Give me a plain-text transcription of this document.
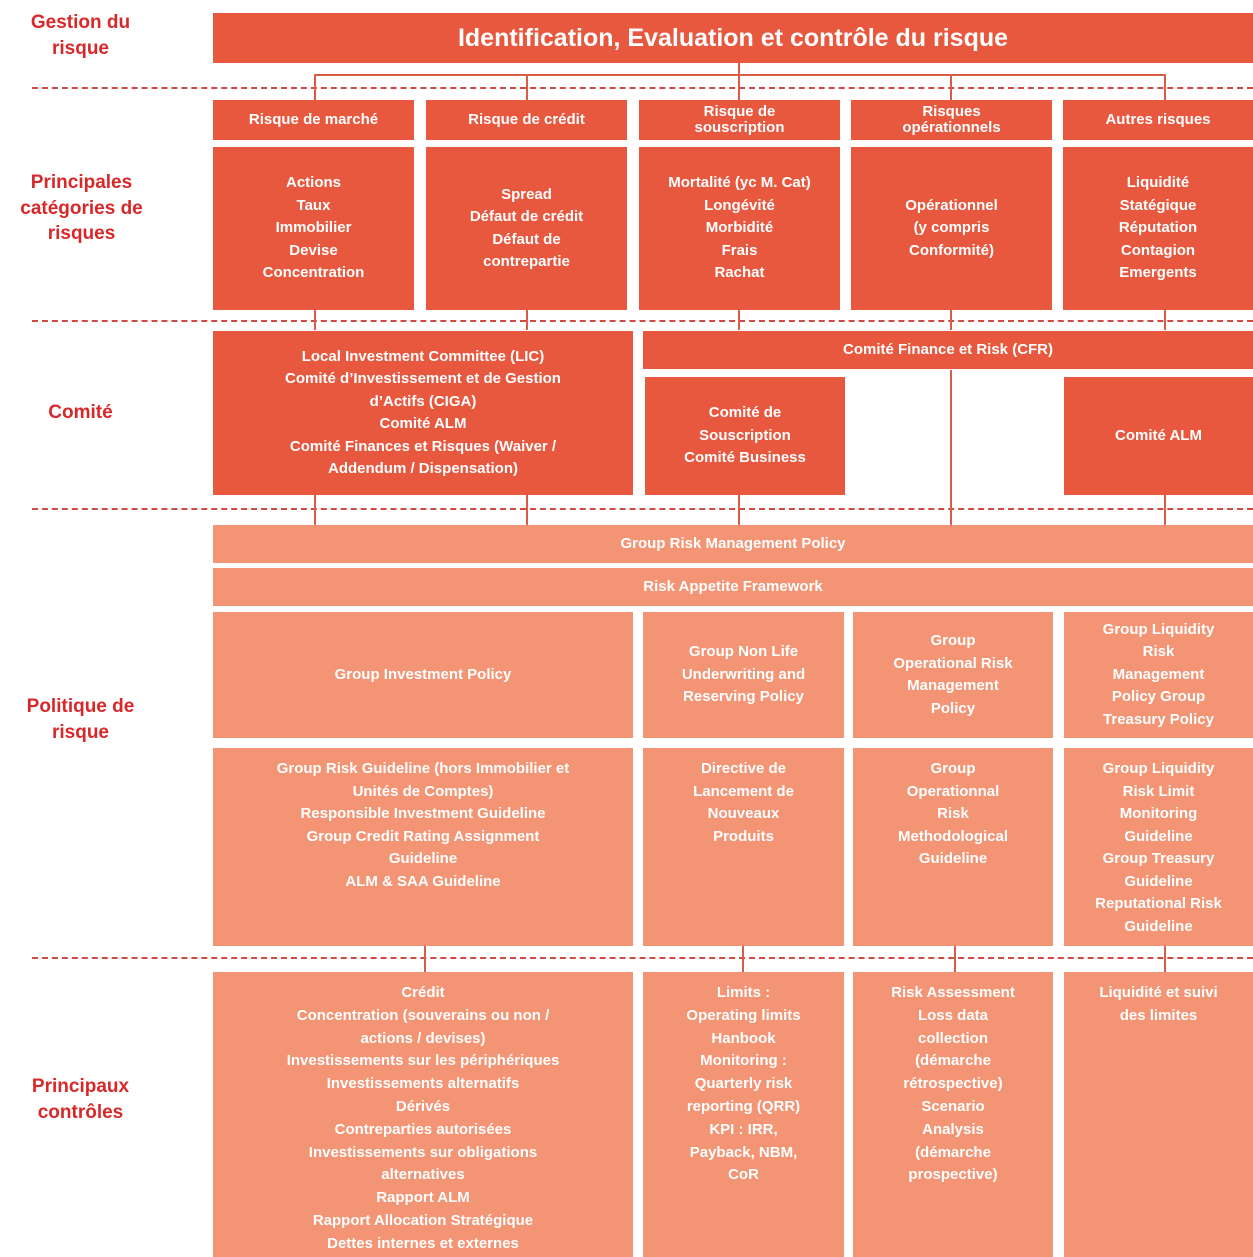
Gestion du
risque
Principales
catégories de
risques
Comité
Politique de
risque
Principaux
contrôles
Identification, Evaluation et contrôle du risque
Risque de marché	Risque de crédit	Risque de
souscription
Risques
opérationnels	Autres risques
Actions
Taux
Immobilier
Devise
Concentration
Spread
Défaut de crédit
Défaut de
contrepartie
Mortalité (yc M. Cat)
Longévité
Morbidité
Frais
Rachat
Opérationnel
(y compris
Conformité)
Liquidité
Statégique
Réputation
Contagion
Emergents
Local Investment Committee (LIC)
Comité d’Investissement et de Gestion
d’Actifs (CIGA)
Comité ALM
Comité Finances et Risques (Waiver /
Addendum / Dispensation)
Comité Finance et Risk (CFR)
Comité de
Souscription
Comité Business
Comité ALM
Group Risk Management Policy
Risk Appetite Framework
Group Investment Policy
Group Non Life
Underwriting and
Reserving Policy
Group
Operational Risk
Management
Policy
Group Liquidity
Risk
Management
Policy Group
Treasury Policy
Group Risk Guideline (hors Immobilier et
Unités de Comptes)
Responsible Investment Guideline
Group Credit Rating Assignment
Guideline
ALM & SAA Guideline
Directive de
Lancement de
Nouveaux
Produits
Group
Operationnal
Risk
Methodological
Guideline
Group Liquidity
Risk Limit
Monitoring
Guideline
Group Treasury
Guideline
Reputational Risk
Guideline
Crédit
Concentration (souverains ou non /
actions / devises)
Investissements sur les périphériques
Investissements alternatifs
Dérivés
Contreparties autorisées
Investissements sur obligations
alternatives
Rapport ALM
Rapport Allocation Stratégique
Dettes internes et externes
Limits :
Operating limits
Hanbook
Monitoring :
Quarterly risk
reporting (QRR)
KPI : IRR,
Payback, NBM,
CoR
Risk Assessment
Loss data
collection
(démarche
rétrospective)
Scenario
Analysis
(démarche
prospective)
Liquidité et suivi
des limites
